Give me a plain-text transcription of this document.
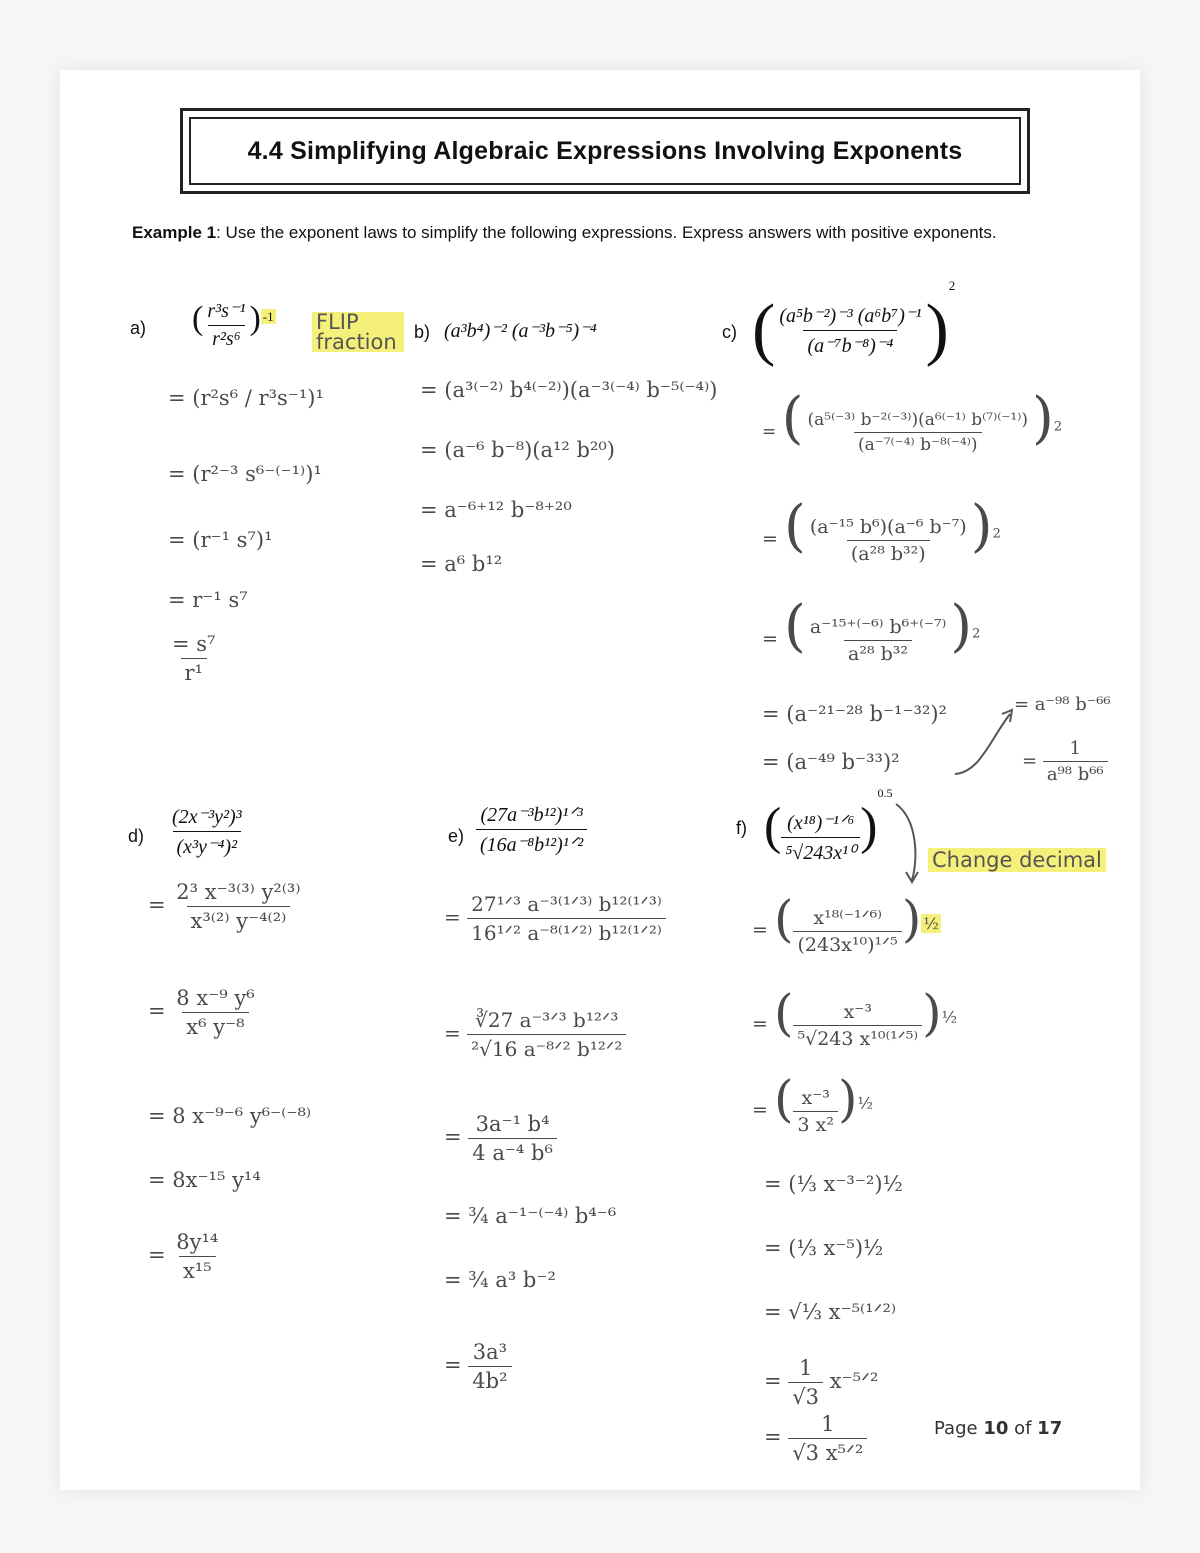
4.4 Simplifying Algebraic Expressions Involving Exponents
Example 1: Use the exponent laws to simplify the following expressions. Express answers with positive exponents.
a) ( $\frac{\text{r³s⁻¹}}{\text{r²s⁶}}$ ) $^{-1}$ FLIP fraction
= (r²s⁶ / r³s⁻¹)¹
= (r²⁻³ s⁶⁻⁽⁻¹⁾)¹
= (r⁻¹ s⁷)¹
= r⁻¹ s⁷
$\frac{\text{= s⁷}}{\text{r¹}}$
b) (a³b⁴)⁻² (a⁻³b⁻⁵)⁻⁴
= (a³⁽⁻²⁾ b⁴⁽⁻²⁾)(a⁻³⁽⁻⁴⁾ b⁻⁵⁽⁻⁴⁾)
= (a⁻⁶ b⁻⁸)(a¹² b²⁰)
= a⁻⁶⁺¹² b⁻⁸⁺²⁰
= a⁶ b¹²
c) ( $\frac{\text{(a⁵b⁻²)⁻³ (a⁶b⁷)⁻¹}}{\text{(a⁻⁷b⁻⁸)⁻⁴}} )^2$
= ( $\frac{\text{(a⁵⁽⁻³⁾ b⁻²⁽⁻³⁾)(a⁶⁽⁻¹⁾ b⁽⁷⁾⁽⁻¹⁾)}}{\text{(a⁻⁷⁽⁻⁴⁾ b⁻⁸⁽⁻⁴⁾)}} )^2$
= ( $\frac{\text{(a⁻¹⁵ b⁶)(a⁻⁶ b⁻⁷)}}{\text{(a²⁸ b³²)}} )^2$
= ( $\frac{\text{a⁻¹⁵⁺⁽⁻⁶⁾ b⁶⁺⁽⁻⁷⁾}}{\text{a²⁸ b³²}} )^2$
= (a⁻²¹⁻²⁸ b⁻¹⁻³²)²
= (a⁻⁴⁹ b⁻³³)²
= a⁻⁹⁸ b⁻⁶⁶
= $\frac{1}{\text{a⁹⁸ b⁶⁶}}$
$d) \frac{\text{(2x⁻³y²)³}}{\text{(x³y⁻⁴)²}}$
= $\frac{\text{2³ x⁻³⁽³⁾ y²⁽³⁾}}{\text{x³⁽²⁾ y⁻⁴⁽²⁾}}$
= $\frac{\text{8 x⁻⁹ y⁶}}{\text{x⁶ y⁻⁸}}$
= 8 x⁻⁹⁻⁶ y⁶⁻⁽⁻⁸⁾
= 8x⁻¹⁵ y¹⁴
= $\frac{\text{8y¹⁴}}{\text{x¹⁵}}$
$e) \frac{\text{(27a⁻³b¹²)¹ᐟ³}}{\text{(16a⁻⁸b¹²)¹ᐟ²}}$
= $\frac{\text{27¹ᐟ³ a⁻³⁽¹ᐟ³⁾ b¹²⁽¹ᐟ³⁾}}{\text{16¹ᐟ² a⁻⁸⁽¹ᐟ²⁾ b¹²⁽¹ᐟ²⁾}}$
= $\frac{\text{∛27 a⁻³ᐟ³ b¹²ᐟ³}}{\text{²√16 a⁻⁸ᐟ² b¹²ᐟ²}}$
= $\frac{\text{3a⁻¹ b⁴}}{\text{4 a⁻⁴ b⁶}}$
= ¾ a⁻¹⁻⁽⁻⁴⁾ b⁴⁻⁶
= ¾ a³ b⁻²
= $\frac{\text{3a³}}{\text{4b²}}$
f) ( $\frac{\text{(x¹⁸)⁻¹ᐟ⁶}}{\text{⁵√243x¹⁰}} )^{0.5}$
Change decimal
= ( $\frac{\text{x¹⁸⁽⁻¹ᐟ⁶⁾}}{\text{(243x¹⁰)¹ᐟ⁵}}$ ) $^{\frac{1}{2}}$
= ( $\frac{\text{x⁻³}}{\text{⁵√243 x¹⁰⁽¹ᐟ⁵⁾}} )^{\frac{1}{2}}$
= ( $\frac{\text{x⁻³}}{\text{3 x²}} )^{\frac{1}{2}}$
= (⅓ x⁻³⁻²)½
= (⅓ x⁻⁵)½
= √⅓ x⁻⁵⁽¹ᐟ²⁾
= $\frac{1}{√3}$ x⁻⁵ᐟ²
= $\frac{1}{\text{√3 x⁵ᐟ²}}$	Page 10 of 17
